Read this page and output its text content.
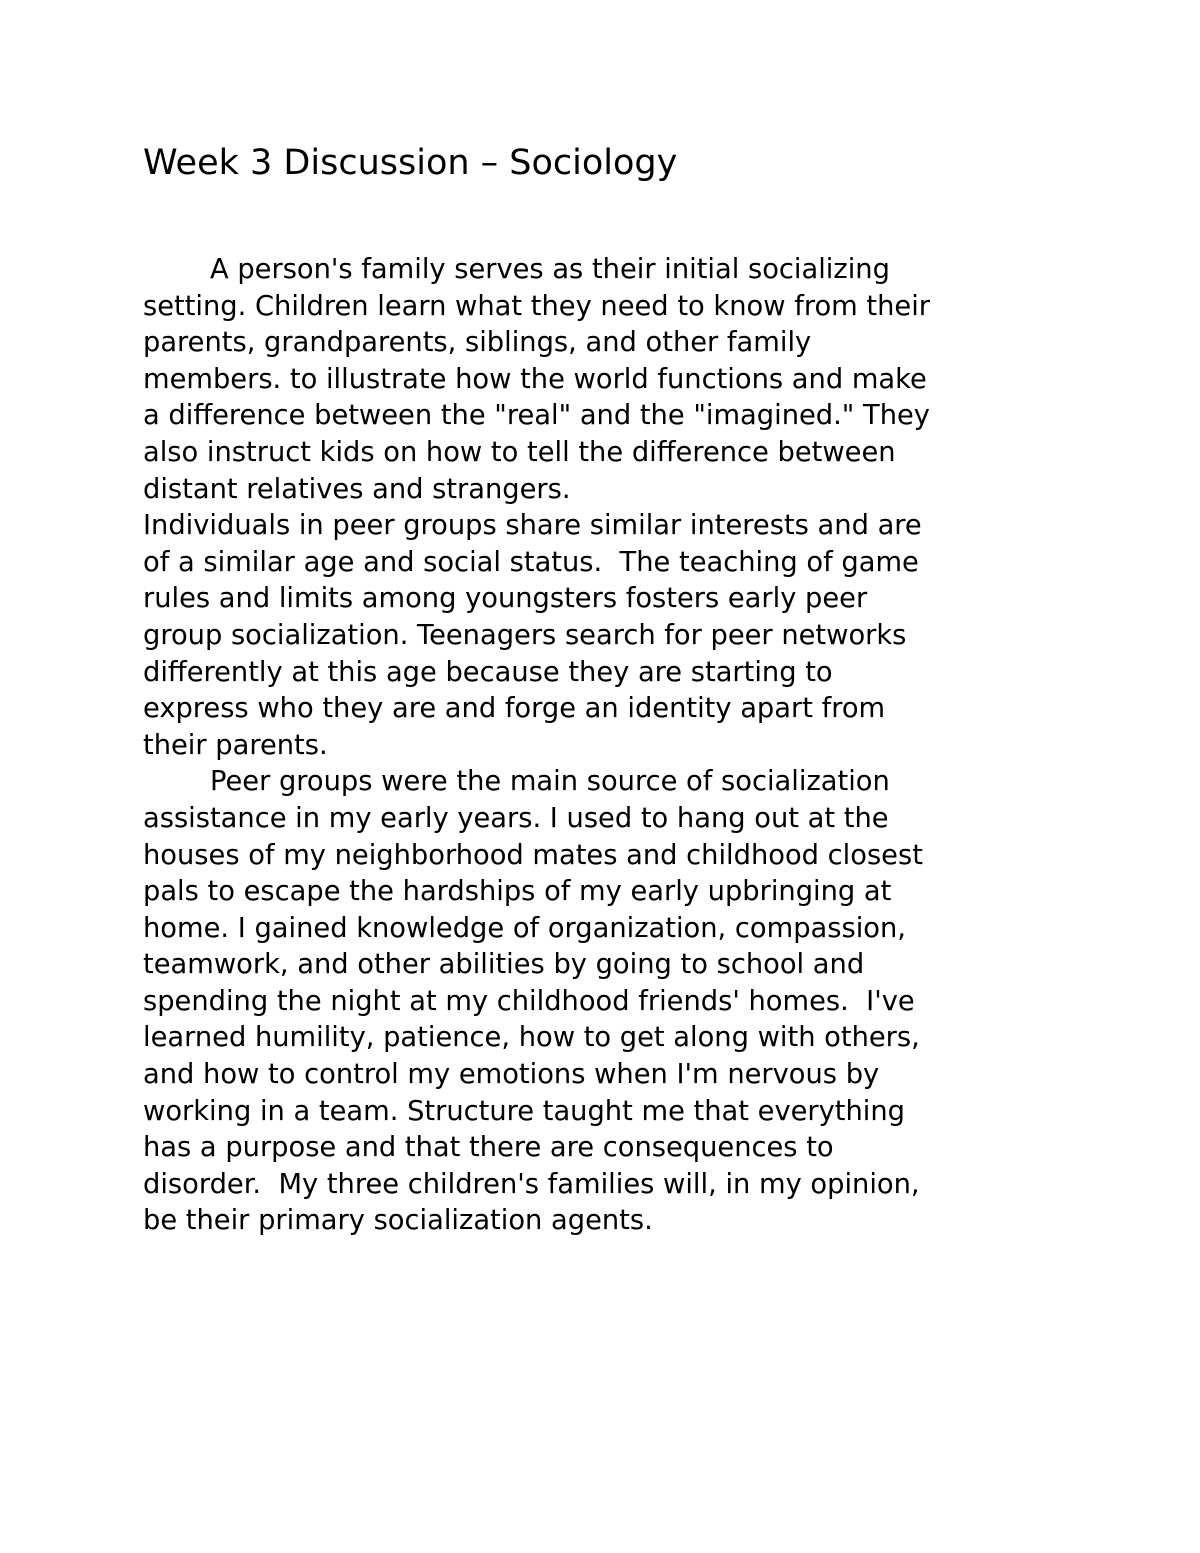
Week 3 Discussion – Sociology
A person's family serves as their initial socializing
setting. Children learn what they need to know from their
parents, grandparents, siblings, and other family
members. to illustrate how the world functions and make
a difference between the "real" and the "imagined." They
also instruct kids on how to tell the difference between
distant relatives and strangers.
Individuals in peer groups share similar interests and are
of a similar age and social status.  The teaching of game
rules and limits among youngsters fosters early peer
group socialization. Teenagers search for peer networks
differently at this age because they are starting to
express who they are and forge an identity apart from
their parents.
Peer groups were the main source of socialization
assistance in my early years. I used to hang out at the
houses of my neighborhood mates and childhood closest
pals to escape the hardships of my early upbringing at
home. I gained knowledge of organization, compassion,
teamwork, and other abilities by going to school and
spending the night at my childhood friends' homes.  I've
learned humility, patience, how to get along with others,
and how to control my emotions when I'm nervous by
working in a team. Structure taught me that everything
has a purpose and that there are consequences to
disorder.  My three children's families will, in my opinion,
be their primary socialization agents.
